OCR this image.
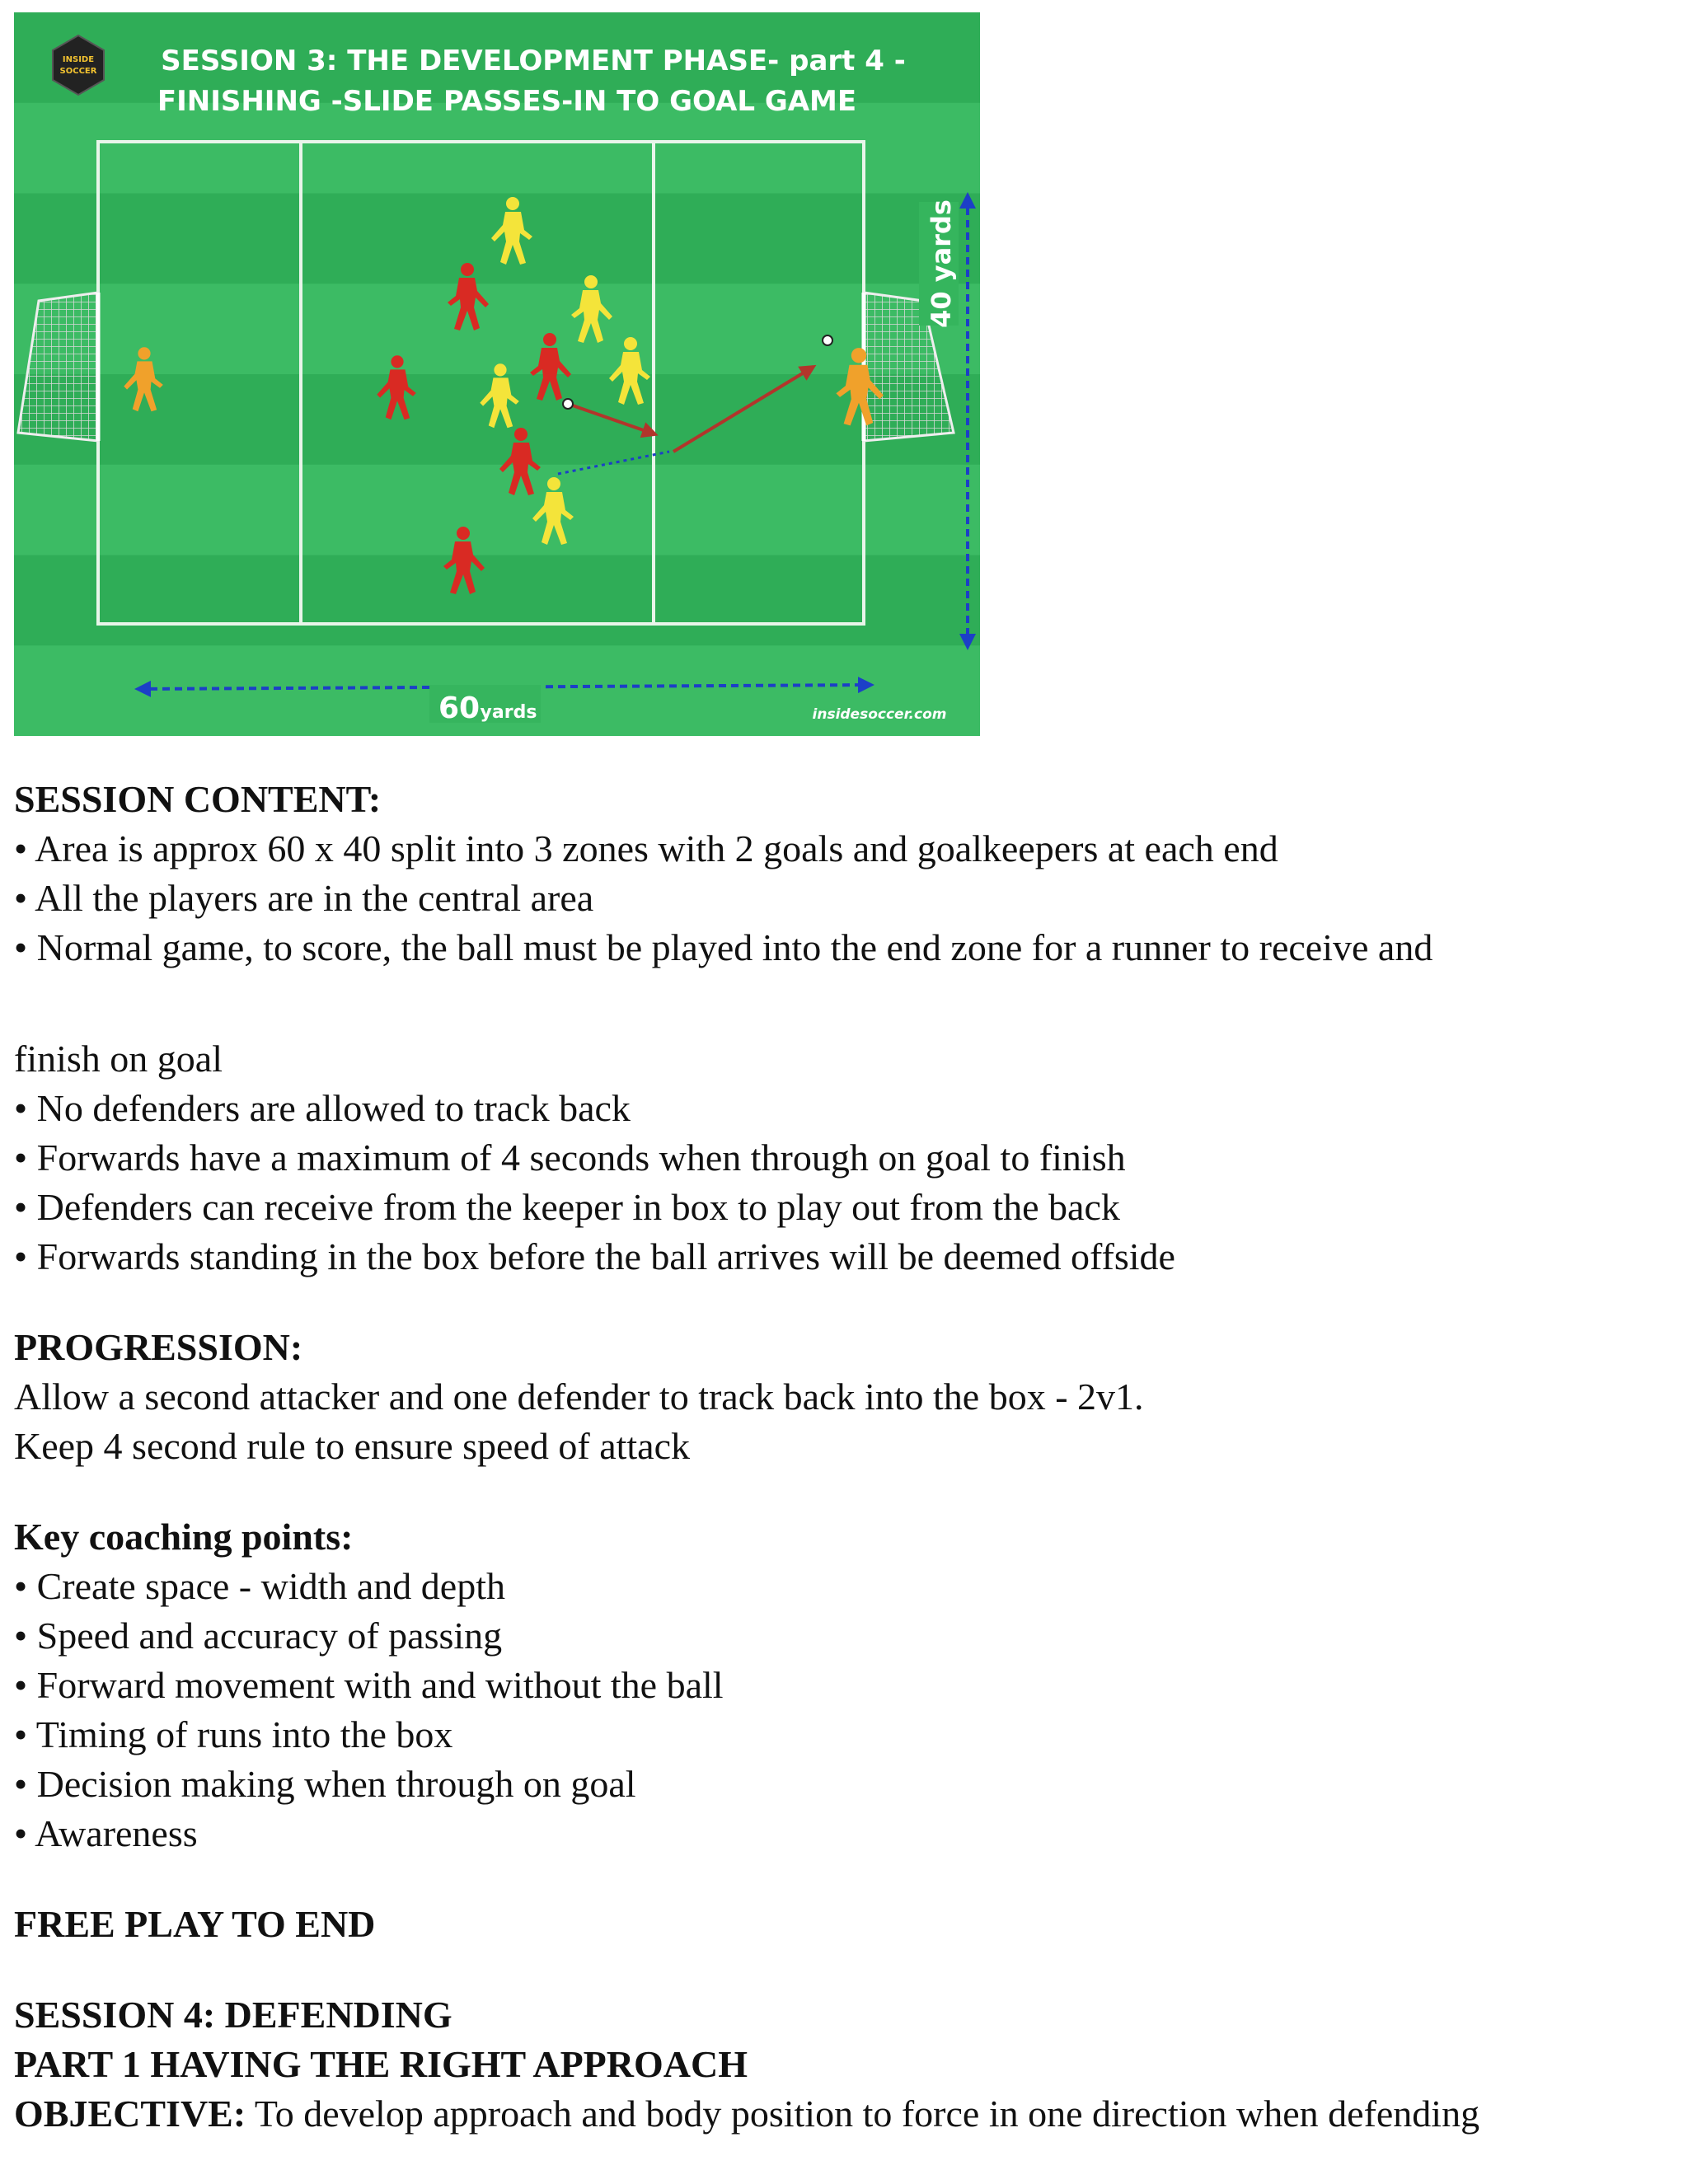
INSIDE
SOCCER SESSION 3: THE DEVELOPMENT PHASE- part 4 -
FINISHING -SLIDE PASSES-IN TO GOAL GAME
60 yards
40 yards
insidesoccer.com
SESSION CONTENT:
• Area is approx 60 x 40 split into 3 zones with 2 goals and goalkeepers at each end
• All the players are in the central area
• Normal game, to score, the ball must be played into the end zone for a runner to receive and
finish on goal
• No defenders are allowed to track back
• Forwards have a maximum of 4 seconds when through on goal to finish
• Defenders can receive from the keeper in box to play out from the back
• Forwards standing in the box before the ball arrives will be deemed offside
PROGRESSION:
Allow a second attacker and one defender to track back into the box - 2v1.
Keep 4 second rule to ensure speed of attack
Key coaching points:
• Create space - width and depth
• Speed and accuracy of passing
• Forward movement with and without the ball
• Timing of runs into the box
• Decision making when through on goal
• Awareness
FREE PLAY TO END
SESSION 4: DEFENDING
PART 1 HAVING THE RIGHT APPROACH
OBJECTIVE: To develop approach and body position to force in one direction when defending
